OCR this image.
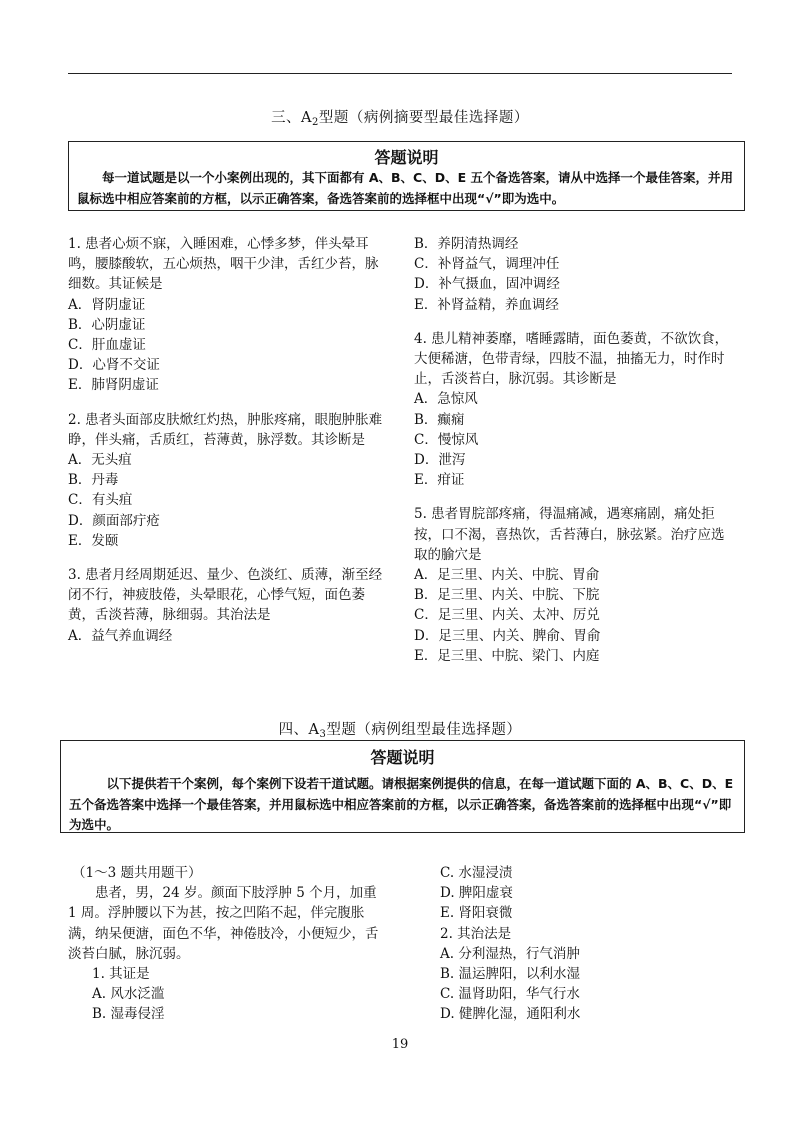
三、$A_2$型题（病例摘要型最佳选择题）
答题说明
每一道试题是以一个小案例出现的，其下面都有 A、B、C、D、E 五个备选答案，请从中选择一个最佳答案，并用鼠标选中相应答案前的方框，以示正确答案，备选答案前的选择框中出现“√”即为选中。

1. 患者心烦不寐，入睡困难，心悸多梦，伴头晕耳鸣，腰膝酸软，五心烦热，咽干少津，舌红少苔，脉细数。其证候是

A．肾阴虚证

B．心阴虚证

C．肝血虚证

D．心肾不交证

E．肺肾阴虚证

2. 患者头面部皮肤焮红灼热，肿胀疼痛，眼胞肿胀难睁，伴头痛，舌质红，苔薄黄，脉浮数。其诊断是

A．无头疽

B．丹毒

C．有头疽

D．颜面部疔疮

E．发颐

3. 患者月经周期延迟、量少、色淡红、质薄，渐至经闭不行，神疲肢倦，头晕眼花，心悸气短，面色萎黄，舌淡苔薄，脉细弱。其治法是

A．益气养血调经

B．养阴清热调经

C．补肾益气，调理冲任

D．补气摄血，固冲调经

E．补肾益精，养血调经

4. 患儿精神萎靡，嗜睡露睛，面色萎黄，不欲饮食，大便稀溏，色带青绿，四肢不温，抽搐无力，时作时止，舌淡苔白，脉沉弱。其诊断是

A．急惊风

B．癫痫

C．慢惊风

D．泄泻

E．疳证

5. 患者胃脘部疼痛，得温痛减，遇寒痛剧，痛处拒按，口不渴，喜热饮，舌苔薄白，脉弦紧。治疗应选取的腧穴是

A．足三里、内关、中脘、胃俞

B．足三里、内关、中脘、下脘

C．足三里、内关、太冲、厉兑

D．足三里、内关、脾俞、胃俞

E．足三里、中脘、梁门、内庭

四、$A_3$型题（病例组型最佳选择题）
答题说明
以下提供若干个案例，每个案例下设若干道试题。请根据案例提供的信息，在每一道试题下面的 A、B、C、D、E 五个备选答案中选择一个最佳答案，并用鼠标选中相应答案前的方框，以示正确答案，备选答案前的选择框中出现“√”即为选中。

（1～3 题共用题干）

患者，男，24 岁。颜面下肢浮肿 5 个月，加重 1 周。浮肿腰以下为甚，按之凹陷不起，伴完腹胀满，纳呆便溏，面色不华，神倦肢冷，小便短少，舌淡苔白腻，脉沉弱。

1. 其证是

A. 风水泛滥

B. 湿毒侵淫

C. 水湿浸渍

D. 脾阳虚衰

E. 肾阳衰微

2. 其治法是

A. 分利湿热，行气消肿

B. 温运脾阳，以利水湿

C. 温肾助阳，华气行水

D. 健脾化湿，通阳利水

19
